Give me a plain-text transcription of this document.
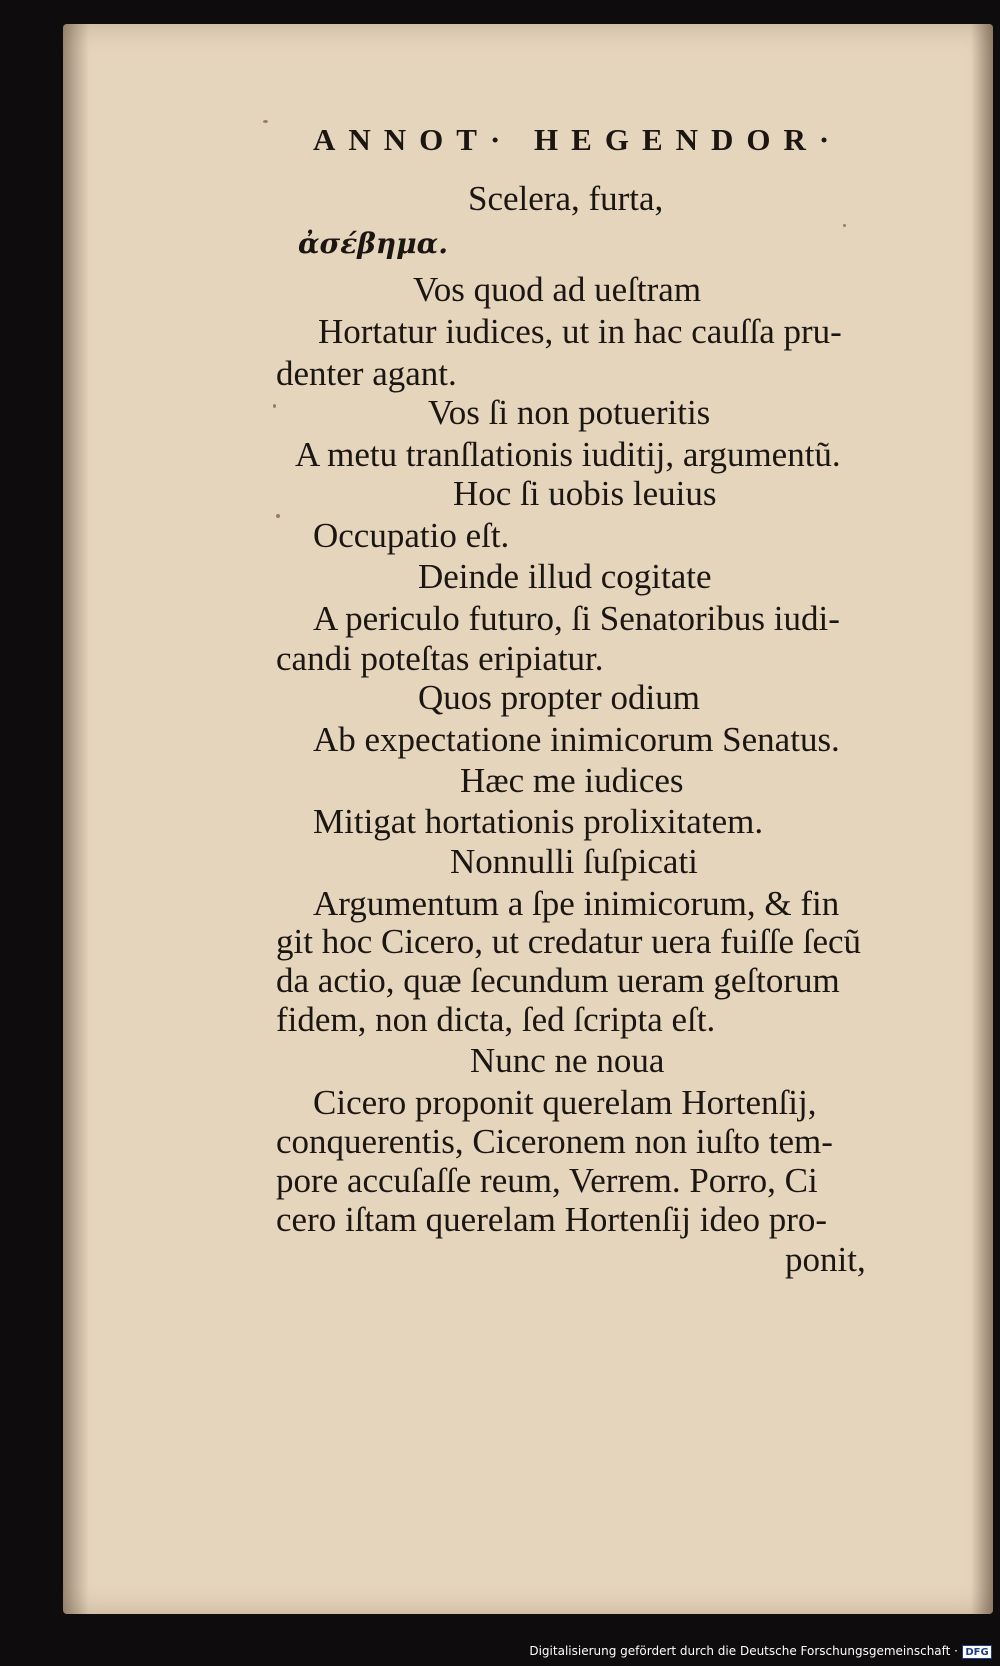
ANNOT· HEGENDOR·
Scelera, furta,
ἀσέβημα.
Vos quod ad ueſtram
Hortatur iudices, ut in hac cauſſa pru-
denter agant.
Vos ſi non potueritis
A metu tranſlationis iuditij, argumentũ.
Hoc ſi uobis leuius
Occupatio eſt.
Deinde illud cogitate
A periculo futuro, ſi Senatoribus iudi-
candi poteſtas eripiatur.
Quos propter odium
Ab expectatione inimicorum Senatus.
Hæc me iudices
Mitigat hortationis prolixitatem.
Nonnulli ſuſpicati
Argumentum a ſpe inimicorum, & fin
git hoc Cicero, ut credatur uera fuiſſe ſecũ
da actio, quæ ſecundum ueram geſtorum
fidem, non dicta, ſed ſcripta eſt.
Nunc ne noua
Cicero proponit querelam Hortenſij,
conquerentis, Ciceronem non iuſto tem-
pore accuſaſſe reum, Verrem. Porro, Ci
cero iſtam querelam Hortenſij ideo pro-
ponit,
Digitalisierung gefördert durch die Deutsche Forschungsgemeinschaft · DFG
